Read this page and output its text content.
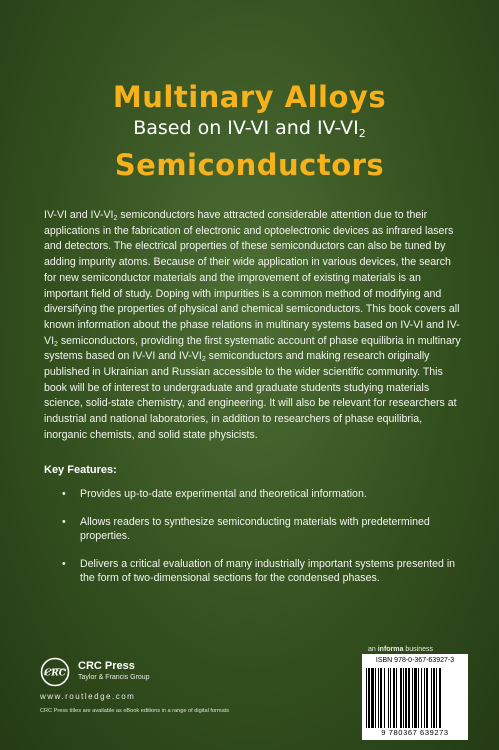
Multinary Alloys
Based on IV-VI and $IV-VI_2$
Semiconductors

IV-VI and $IV-VI_2$ semiconductors have attracted considerable attention due to their applications in the fabrication of electronic and optoelectronic devices as infrared lasers and detectors. The electrical properties of these semiconductors can also be tuned by adding impurity atoms. Because of their wide application in various devices, the search for new semiconductor materials and the improvement of existing materials is an important field of study. Doping with impurities is a common method of modifying and diversifying the properties of physical and chemical semiconductors. This book covers all known information about the phase relations in multinary systems based on IV-VI and $IV-VI_2$ semiconductors, providing the first systematic account of phase equilibria in multinary systems based on IV-VI and $IV-VI_2$ semiconductors and making research originally published in Ukrainian and Russian accessible to the wider scientific community. This book will be of interest to undergraduate and graduate students studying materials science, solid-state chemistry, and engineering. It will also be relevant for researchers at industrial and national laboratories, in addition to researchers of phase equilibria, inorganic chemists, and solid state physicists.

Key Features:
• Provides up-to-date experimental and theoretical information.
• Allows readers to synthesize semiconducting materials with predetermined properties.
• Delivers a critical evaluation of many industrially important systems presented in the form of two-dimensional sections for the condensed phases.
an informa business
CRC
CRC Press
Taylor & Francis Group
www.routledge.com
CRC Press titles are available as eBook editions in a range of digital formats
ISBN 978-0-367-63927-3
9 780367 639273
